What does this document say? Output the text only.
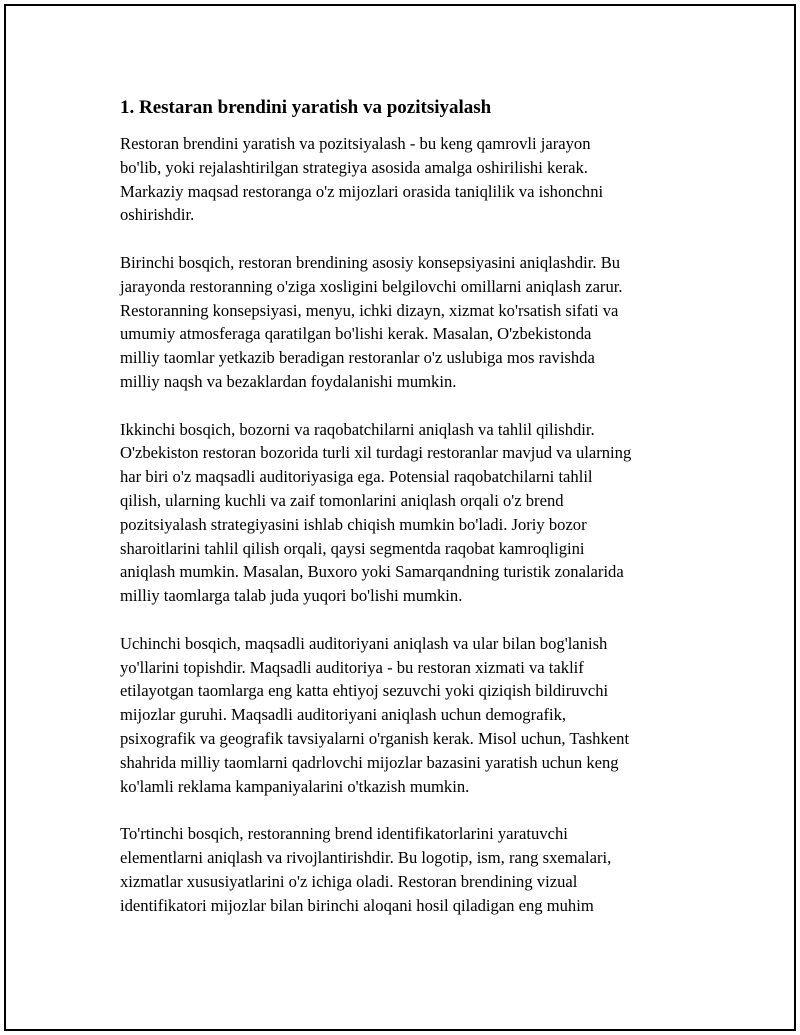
1. Restaran brendini yaratish va pozitsiyalash

Restoran brendini yaratish va pozitsiyalash - bu keng qamrovli jarayon
bo'lib, yoki rejalashtirilgan strategiya asosida amalga oshirilishi kerak.
Markaziy maqsad restoranga o'z mijozlari orasida taniqlilik va ishonchni
oshirishdir.

Birinchi bosqich, restoran brendining asosiy konsepsiyasini aniqlashdir. Bu
jarayonda restoranning o'ziga xosligini belgilovchi omillarni aniqlash zarur.
Restoranning konsepsiyasi, menyu, ichki dizayn, xizmat ko'rsatish sifati va
umumiy atmosferaga qaratilgan bo'lishi kerak. Masalan, O'zbekistonda
milliy taomlar yetkazib beradigan restoranlar o'z uslubiga mos ravishda
milliy naqsh va bezaklardan foydalanishi mumkin.

Ikkinchi bosqich, bozorni va raqobatchilarni aniqlash va tahlil qilishdir.
O'zbekiston restoran bozorida turli xil turdagi restoranlar mavjud va ularning
har biri o'z maqsadli auditoriyasiga ega. Potensial raqobatchilarni tahlil
qilish, ularning kuchli va zaif tomonlarini aniqlash orqali o'z brend
pozitsiyalash strategiyasini ishlab chiqish mumkin bo'ladi. Joriy bozor
sharoitlarini tahlil qilish orqali, qaysi segmentda raqobat kamroqligini
aniqlash mumkin. Masalan, Buxoro yoki Samarqandning turistik zonalarida
milliy taomlarga talab juda yuqori bo'lishi mumkin.

Uchinchi bosqich, maqsadli auditoriyani aniqlash va ular bilan bog'lanish
yo'llarini topishdir. Maqsadli auditoriya - bu restoran xizmati va taklif
etilayotgan taomlarga eng katta ehtiyoj sezuvchi yoki qiziqish bildiruvchi
mijozlar guruhi. Maqsadli auditoriyani aniqlash uchun demografik,
psixografik va geografik tavsiyalarni o'rganish kerak. Misol uchun, Tashkent
shahrida milliy taomlarni qadrlovchi mijozlar bazasini yaratish uchun keng
ko'lamli reklama kampaniyalarini o'tkazish mumkin.

To'rtinchi bosqich, restoranning brend identifikatorlarini yaratuvchi
elementlarni aniqlash va rivojlantirishdir. Bu logotip, ism, rang sxemalari,
xizmatlar xususiyatlarini o'z ichiga oladi. Restoran brendining vizual
identifikatori mijozlar bilan birinchi aloqani hosil qiladigan eng muhim
